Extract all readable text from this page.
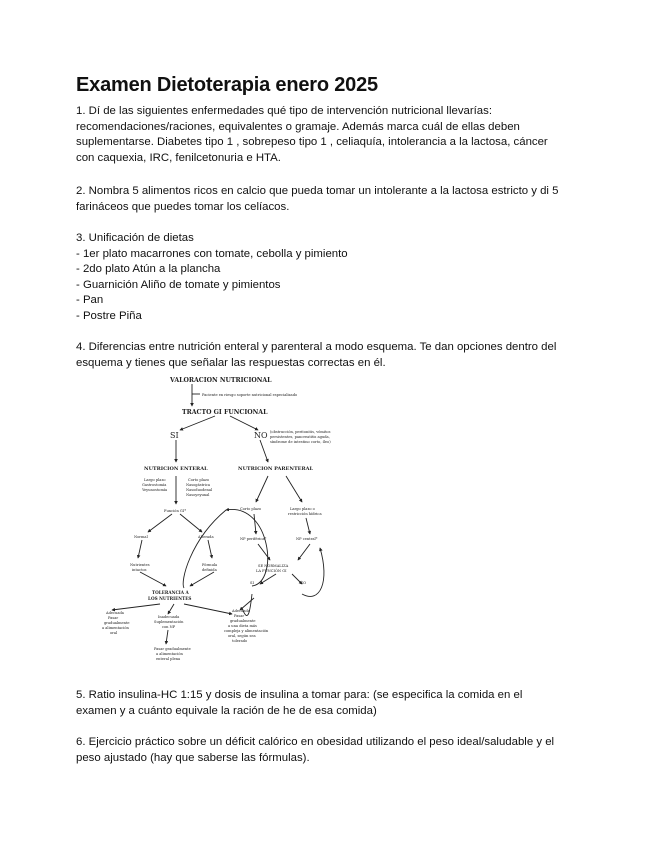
Examen Dietoterapia enero 2025
1. Dí de las siguientes enfermedades qué tipo de intervención nutricional llevarías:
recomendaciones/raciones, equivalentes o gramaje. Además marca cuál de ellas deben
suplementarse. Diabetes tipo 1 , sobrepeso tipo 1 , celiaquía, intolerancia a la lactosa, cáncer
con caquexia, IRC, fenilcetonuria e HTA.
2. Nombra 5 alimentos ricos en calcio que pueda tomar un intolerante a la lactosa estricto y di 5
farináceos que puedes tomar los celíacos.
3. Unificación de dietas
- 1er plato macarrones con tomate, cebolla y pimiento
- 2do plato Atún a la plancha
- Guarnición Aliño de tomate y pimientos
- Pan
- Postre Piña
4. Diferencias entre nutrición enteral y parenteral a modo esquema. Te dan opciones dentro del
esquema y tienes que señalar las respuestas correctas en él.
VALORACION NUTRICIONAL
Paciente en riesgo soporte nutricional especializado
TRACTO GI FUNCIONAL
SI	NO (obstrucción, peritonitis, vómitos
persistentes, pancreatitis aguda,
síndrome de intestino corto, íleo)
NUTRICION ENTERAL	NUTRICION PARENTERAL
Largo plazo
Gastrostomía
Yeyunostomía
Corto plazo
Nasogástrica
Nasoduodenal
Nasoyeyunal
Corto plazo	Largo plazo o
restricción hídrica
Función GI*
Normal	Alterada	NP periférica*	NP central*
Nutrientes
intactos
Fórmula
definida
SE NORMALIZA
LA FUNCIÓN GI
SI	NO
TOLERANCIA A
LOS NUTRIENTES
Adecuada
Pasar
gradualmente
a alimentación
oral
Inadecuada
Suplementación
con NP
Adecuada
Pasar
gradualmente
a una dieta más
compleja y alimentación
oral, según sea
tolerado
Pasar gradualmente
a alimentación
enteral plena
5. Ratio insulina-HC 1:15 y dosis de insulina a tomar para: (se especifica la comida en el
examen y a cuánto equivale la ración de he de esa comida)
6. Ejercicio práctico sobre un déficit calórico en obesidad utilizando el peso ideal/saludable y el
peso ajustado (hay que saberse las fórmulas).
